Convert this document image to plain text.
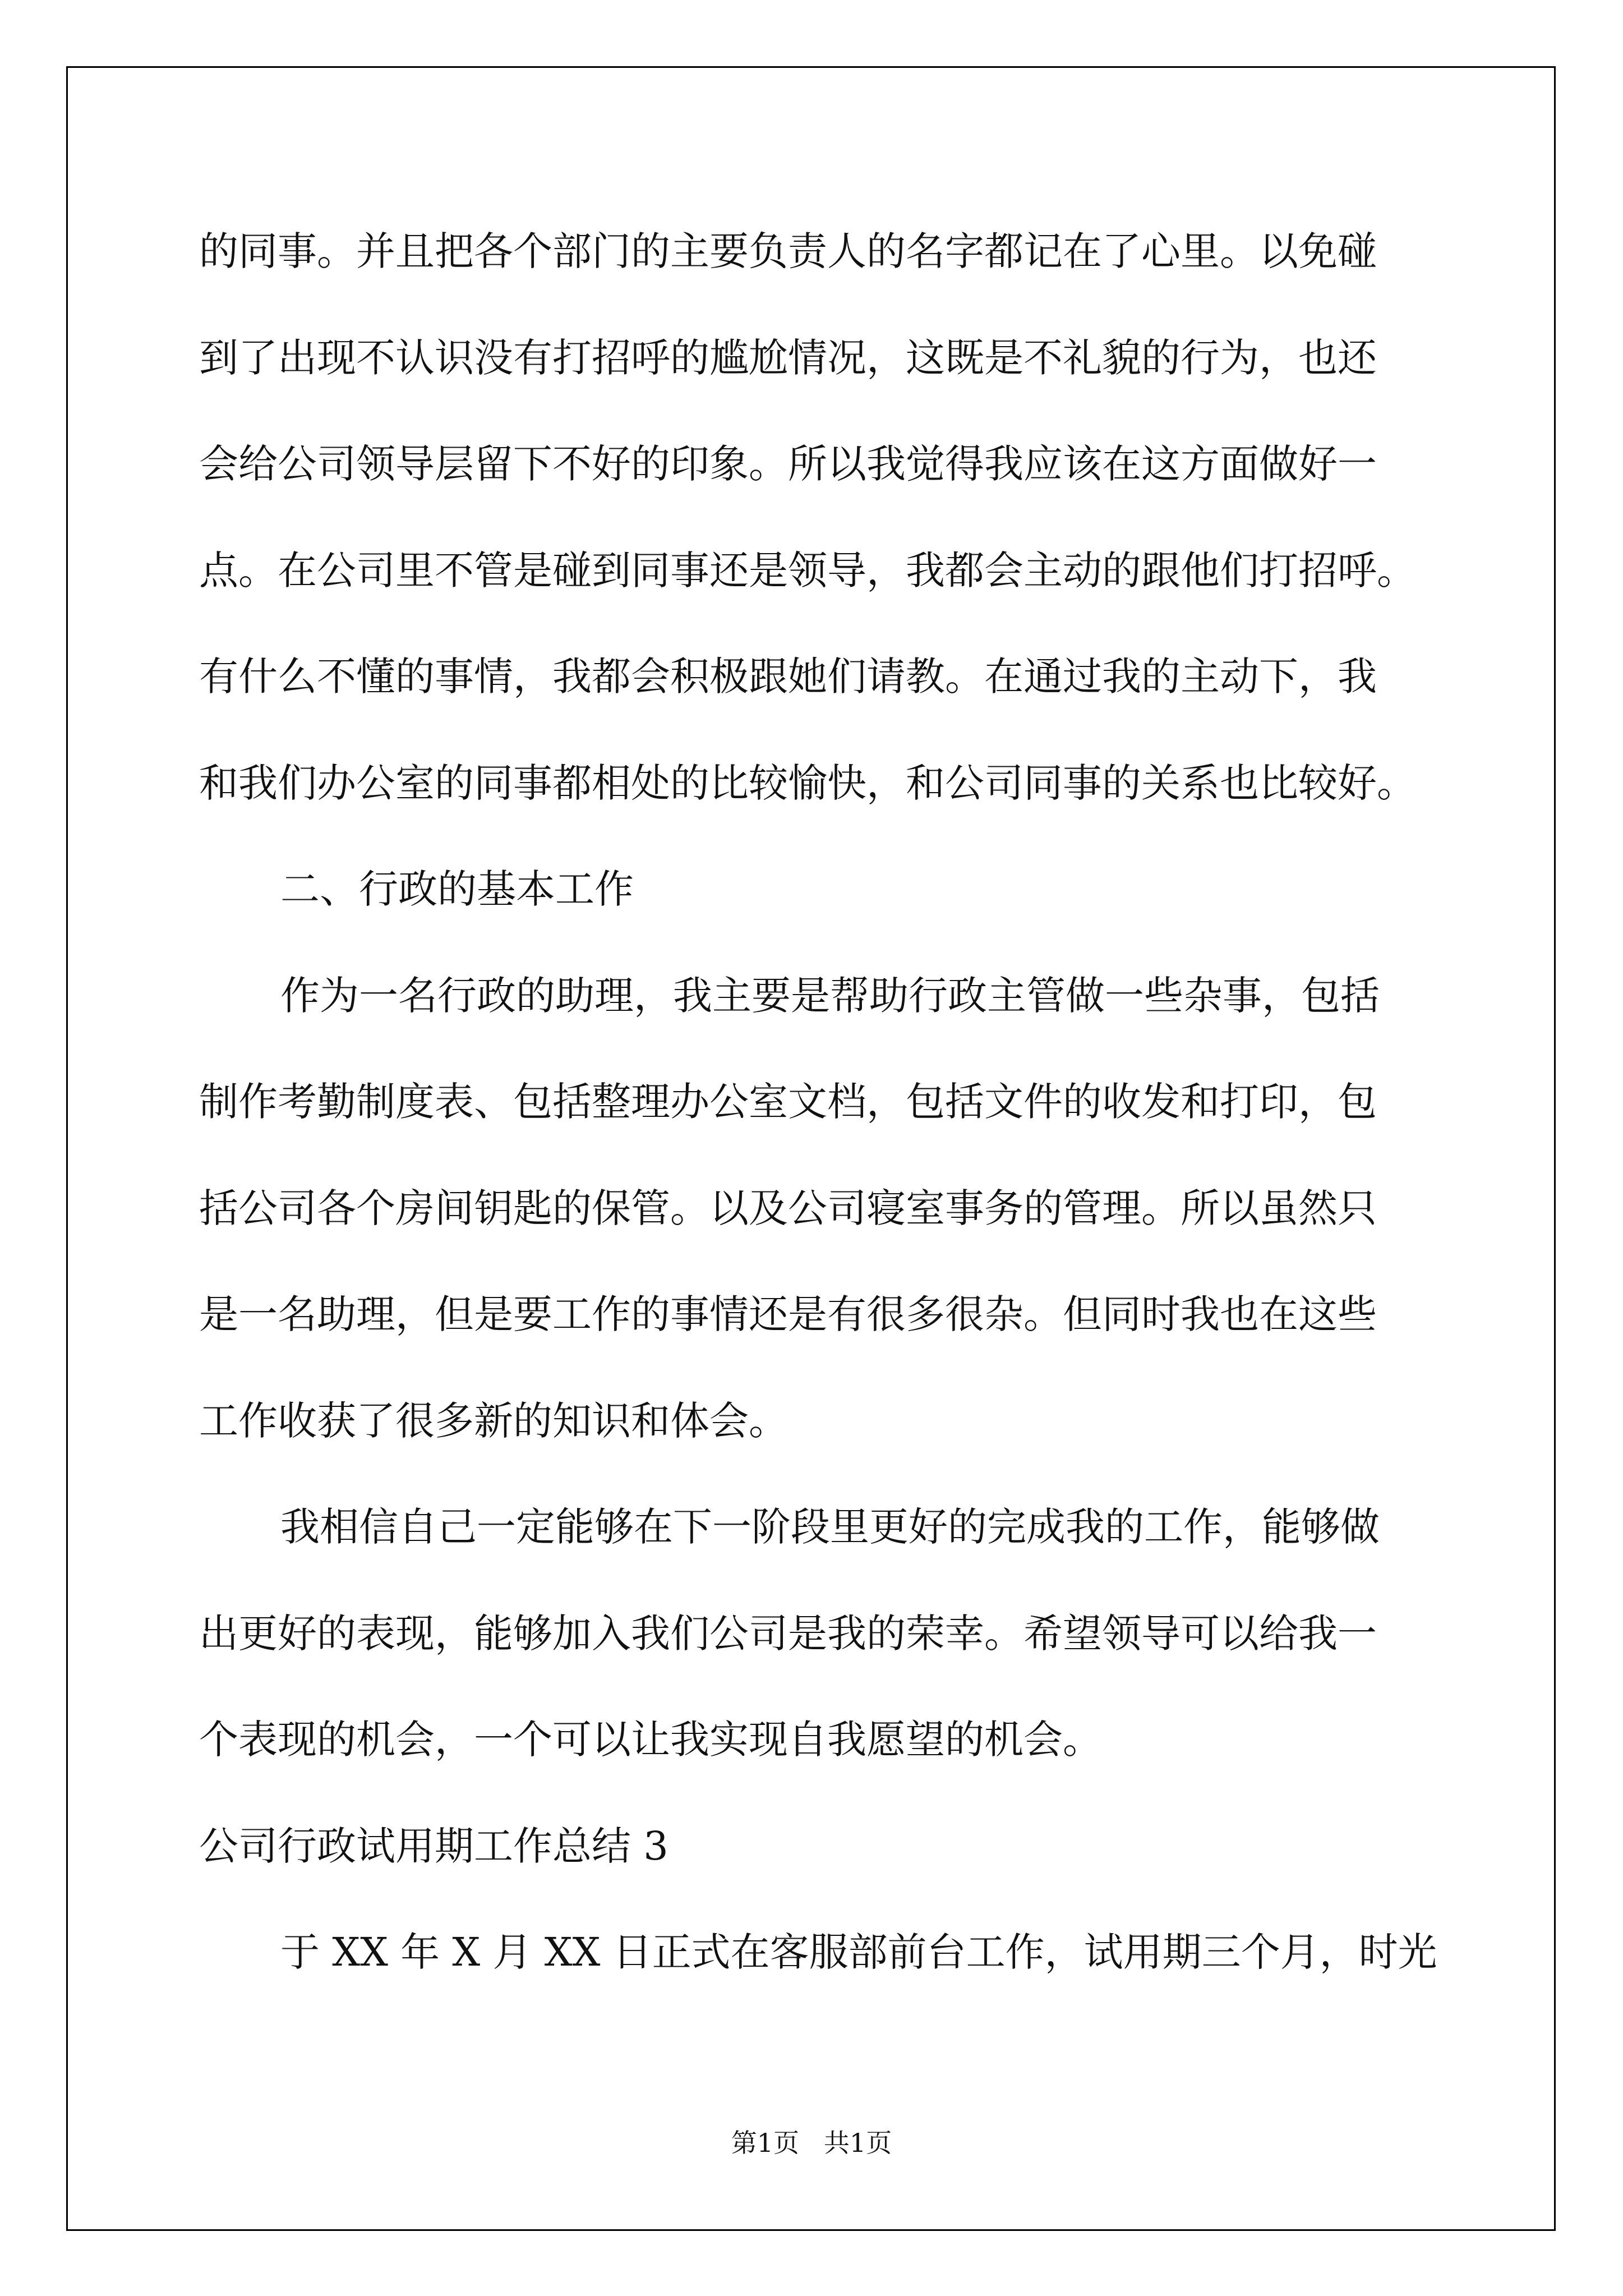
的同事。并且把各个部门的主要负责人的名字都记在了心里。以免碰

到了出现不认识没有打招呼的尴尬情况，这既是不礼貌的行为，也还

会给公司领导层留下不好的印象。所以我觉得我应该在这方面做好一

点。在公司里不管是碰到同事还是领导，我都会主动的跟他们打招呼。

有什么不懂的事情，我都会积极跟她们请教。在通过我的主动下，我

和我们办公室的同事都相处的比较愉快，和公司同事的关系也比较好。

二、行政的基本工作

作为一名行政的助理，我主要是帮助行政主管做一些杂事，包括

制作考勤制度表、包括整理办公室文档，包括文件的收发和打印，包

括公司各个房间钥匙的保管。以及公司寝室事务的管理。所以虽然只

是一名助理，但是要工作的事情还是有很多很杂。但同时我也在这些

工作收获了很多新的知识和体会。

我相信自己一定能够在下一阶段里更好的完成我的工作，能够做

出更好的表现，能够加入我们公司是我的荣幸。希望领导可以给我一

个表现的机会，一个可以让我实现自我愿望的机会。

公司行政试用期工作总结 3

于 XX 年 X 月 XX 日正式在客服部前台工作，试用期三个月，时光

第1页   共1页
